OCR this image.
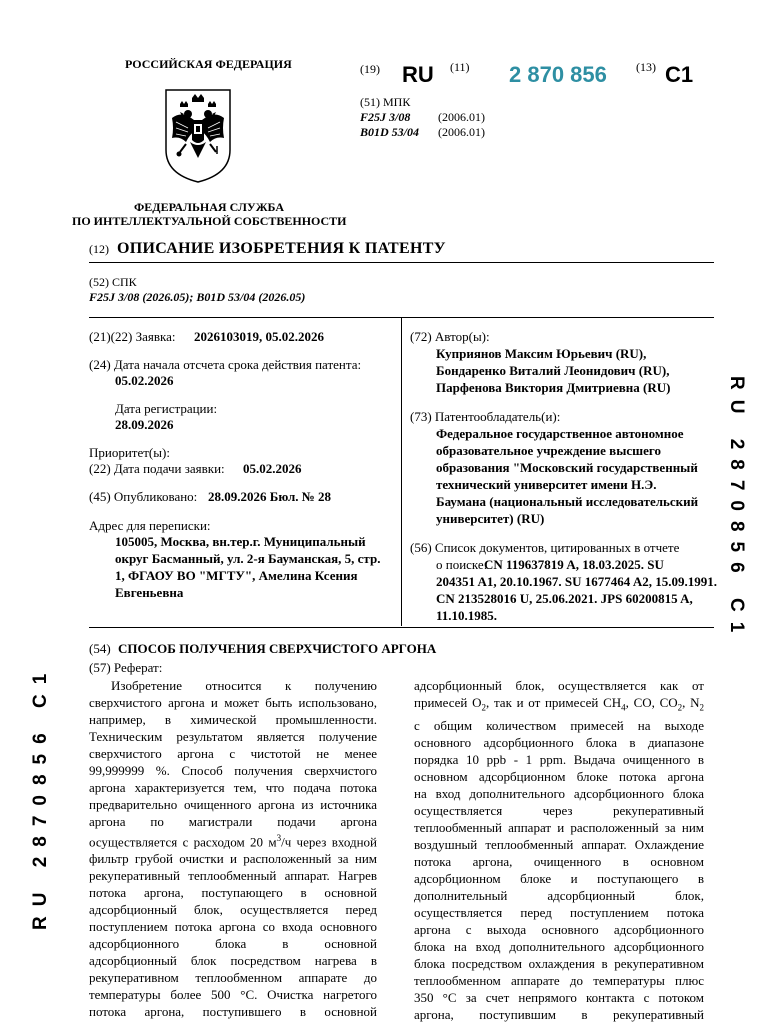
РОССИЙСКАЯ ФЕДЕРАЦИЯ
ФЕДЕРАЛЬНАЯ СЛУЖБА
ПО ИНТЕЛЛЕКТУАЛЬНОЙ СОБСТВЕННОСТИ
(19) RU (11) 2 870 856 (13) C1
(51) МПК
F25J 3/08 (2006.01)
B01D 53/04 (2006.01)
(12) ОПИСАНИЕ ИЗОБРЕТЕНИЯ К ПАТЕНТУ
(52) СПК
F25J 3/08 (2026.05); B01D 53/04 (2026.05)
(21)(22) Заявка: 2026103019, 05.02.2026
(24) Дата начала отсчета срока действия патента:
05.02.2026
Дата регистрации:
28.09.2026
Приоритет(ы):
(22) Дата подачи заявки: 05.02.2026
(45) Опубликовано: 28.09.2026 Бюл. № 28
Адрес для переписки:
105005, Москва, вн.тер.г. Муниципальный
округ Басманный, ул. 2-я Бауманская, 5, стр.
1, ФГАОУ ВО "МГТУ", Амелина Ксения
Евгеньевна
(72) Автор(ы):
Куприянов Максим Юрьевич (RU),
Бондаренко Виталий Леонидович (RU),
Парфенова Виктория Дмитриевна (RU)
(73) Патентообладатель(и):
Федеральное государственное автономное
образовательное учреждение высшего
образования "Московский государственный
технический университет имени Н.Э.
Баумана (национальный исследовательский
университет) (RU)
(56) Список документов, цитированных в отчете
о поиске:
CN 119637819 A, 18.03.2025. SU
204351 A1, 20.10.1967. SU 1677464 A2, 15.09.1991.
CN 213528016 U, 25.06.2021. JPS 60200815 A,
11.10.1985.	RU 2870856 C1
RU 2870856 C1
(54) СПОСОБ ПОЛУЧЕНИЯ СВЕРХЧИСТОГО АРГОНА
(57) Реферат:
Изобретение относится к получению
сверхчистого аргона и может быть использовано,
например, в химической промышленности.
Техническим результатом является получение
сверхчистого аргона с чистотой не менее
99,999999 %. Способ получения сверхчистого
аргона характеризуется тем, что подача потока
предварительно очищенного аргона из источника
аргона по магистрали подачи аргона
осуществляется с расходом 20 $м^3/ч$ через входной
фильтр грубой очистки и расположенный за ним
рекуперативный теплообменный аппарат. Нагрев
потока аргона, поступающего в основной
адсорбционный блок, осуществляется перед
поступлением потока аргона со входа основного
адсорбционного блока в основной
адсорбционный блок посредством нагрева в
рекуперативном теплообменном аппарате до
температуры более 500 °С. Очистка нагретого
потока аргона, поступившего в основной
адсорбционный блок, осуществляется как от
примесей $O_2$, так и от примесей $CH_4$, CO, $CO_2$, $N_2$
с общим количеством примесей на выходе
основного адсорбционного блока в диапазоне
порядка 10 ppb - 1 ppm. Выдача очищенного в
основном адсорбционном блоке потока аргона
на вход дополнительного адсорбционного блока
осуществляется через рекуперативный
теплообменный аппарат и расположенный за ним
воздушный теплообменный аппарат. Охлаждение
потока аргона, очищенного в основном
адсорбционном блоке и поступающего в
дополнительный адсорбционный блок,
осуществляется перед поступлением потока
аргона с выхода основного адсорбционного
блока на вход дополнительного адсорбционного
блока посредством охлаждения в рекуперативном
теплообменном аппарате до температуры плюс
350 °С за счет непрямого контакта с потоком
аргона, поступившим в рекуперативный
